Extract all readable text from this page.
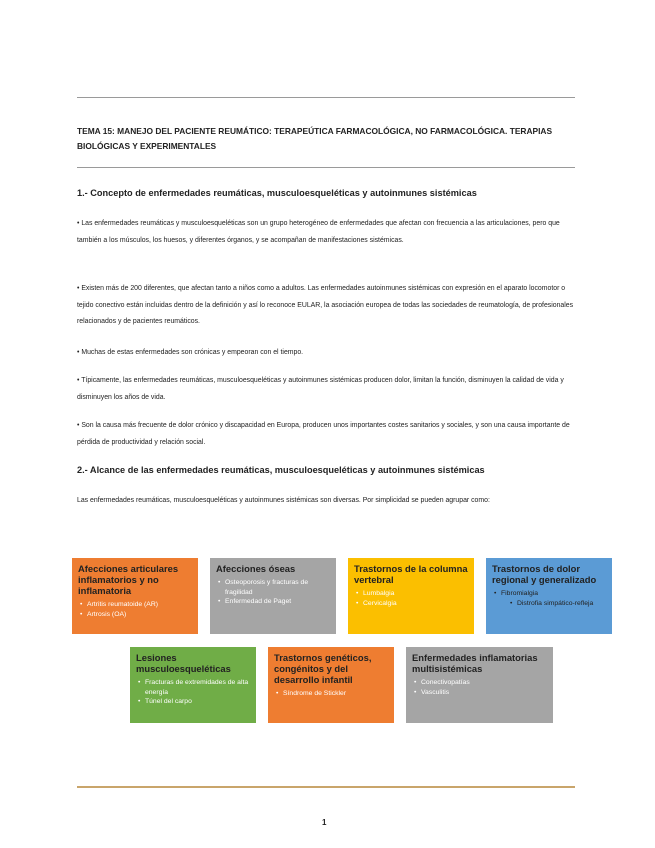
TEMA 15: MANEJO DEL PACIENTE REUMÁTICO: TERAPEÚTICA FARMACOLÓGICA, NO FARMACOLÓGICA. TERAPIAS BIOLÓGICAS Y EXPERIMENTALES
1.- Concepto de enfermedades reumáticas, musculoesqueléticas y autoinmunes sistémicas
• Las enfermedades reumáticas y musculoesqueléticas son un grupo heterogéneo de enfermedades que afectan con frecuencia a las articulaciones, pero que también a los músculos, los huesos, y diferentes órganos, y se acompañan de manifestaciones sistémicas.
• Existen más de 200 diferentes, que afectan tanto a niños como a adultos. Las enfermedades autoinmunes sistémicas con expresión en el aparato locomotor o tejido conectivo están incluidas dentro de la definición y así lo reconoce EULAR, la asociación europea de todas las sociedades de reumatología, de profesionales relacionados y de pacientes reumáticos.
• Muchas de estas enfermedades son crónicas y empeoran con el tiempo.
• Típicamente, las enfermedades reumáticas, musculoesqueléticas y autoinmunes sistémicas producen dolor, limitan la función, disminuyen la calidad de vida y disminuyen los años de vida.
• Son la causa más frecuente de dolor crónico y discapacidad en Europa, producen unos importantes costes sanitarios y sociales, y son una causa importante de pérdida de productividad y relación social.
2.- Alcance de las enfermedades reumáticas, musculoesqueléticas y autoinmunes sistémicas
Las enfermedades reumáticas, musculoesqueléticas y autoinmunes sistémicas son diversas. Por simplicidad se pueden agrupar como:
Afecciones articulares inflamatorios y no inflamatoria
• Artritis reumatoide (AR)
• Artrosis (OA)
Afecciones óseas
• Osteoporosis y fracturas de fragilidad
• Enfermedad de Paget
Trastornos de la columna vertebral
• Lumbalgia
• Cervicalgia
Trastornos de dolor regional y generalizado
• Fibromialgia
• Distrofia simpático-refleja
Lesiones musculoesqueléticas
• Fracturas de extremidades de alta energía
• Túnel del carpo
Trastornos genéticos, congénitos y del desarrollo infantil
• Síndrome de Stickler
Enfermedades inflamatorias multisistémicas
• Conectivopatías
• Vasculitis
1
